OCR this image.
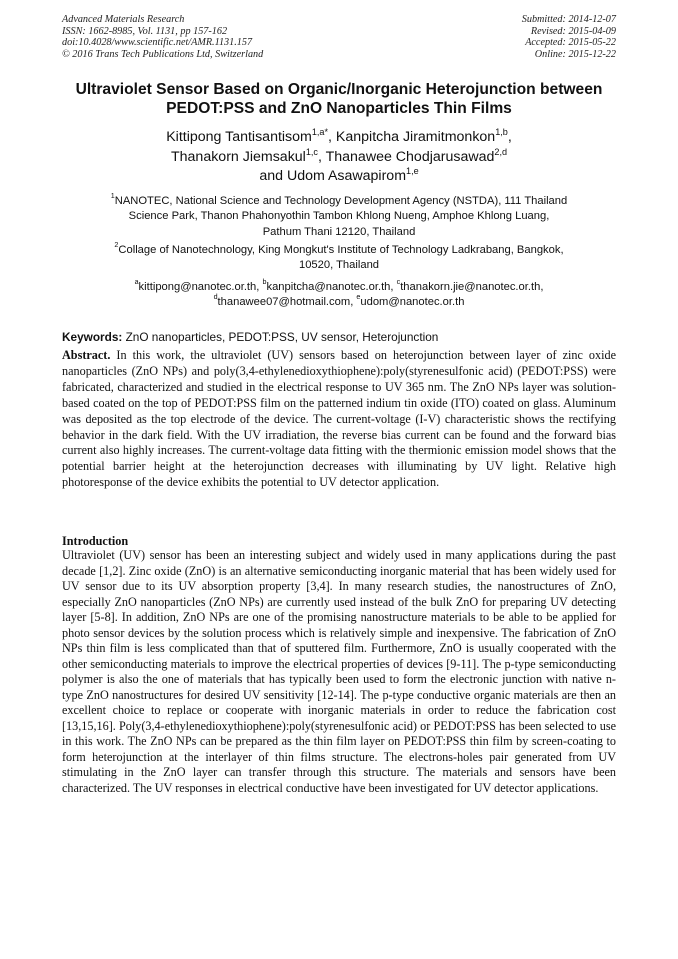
Advanced Materials Research
ISSN: 1662-8985, Vol. 1131, pp 157-162
doi:10.4028/www.scientific.net/AMR.1131.157
© 2016 Trans Tech Publications Ltd, Switzerland
Submitted: 2014-12-07
Revised: 2015-04-09
Accepted: 2015-05-22
Online: 2015-12-22
Ultraviolet Sensor Based on Organic/Inorganic Heterojunction between
PEDOT:PSS and ZnO Nanoparticles Thin Films
Kittipong Tantisantisom$^{1,a*}$, Kanpitcha Jiramitmonkon$^{1,b}$,
Thanakorn Jiemsakul$^{1,c}$, Thanawee Chodjarusawad$^{2,d}$
and Udom Asawapirom$^{1,e}$
$^1$NANOTEC, National Science and Technology Development Agency (NSTDA), 111 Thailand
Science Park, Thanon Phahonyothin Tambon Khlong Nueng, Amphoe Khlong Luang,
Pathum Thani 12120, Thailand
$^2$Collage of Nanotechnology, King Mongkut's Institute of Technology Ladkrabang, Bangkok,
10520, Thailand
$^a$kittipong@nanotec.or.th, $^b$kanpitcha@nanotec.or.th, $^c$thanakorn.jie@nanotec.or.th,
$^d$thanawee07@hotmail.com, $^e$udom@nanotec.or.th
Keywords: ZnO nanoparticles, PEDOT:PSS, UV sensor, Heterojunction
Abstract. In this work, the ultraviolet (UV) sensors based on heterojunction between layer of zinc oxide nanoparticles (ZnO NPs) and poly(3,4-ethylenedioxythiophene):poly(styrenesulfonic acid) (PEDOT:PSS) were fabricated, characterized and studied in the electrical response to UV 365 nm. The ZnO NPs layer was solution-based coated on the top of PEDOT:PSS film on the patterned indium tin oxide (ITO) coated on glass. Aluminum was deposited as the top electrode of the device. The current-voltage (I-V) characteristic shows the rectifying behavior in the dark field. With the UV irradiation, the reverse bias current can be found and the forward bias current also highly increases. The current-voltage data fitting with the thermionic emission model shows that the potential barrier height at the heterojunction decreases with illuminating by UV light. Relative high photoresponse of the device exhibits the potential to UV detector application.
Introduction
Ultraviolet (UV) sensor has been an interesting subject and widely used in many applications during the past decade [1,2]. Zinc oxide (ZnO) is an alternative semiconducting inorganic material that has been widely used for UV sensor due to its UV absorption property [3,4]. In many research studies, the nanostructures of ZnO, especially ZnO nanoparticles (ZnO NPs) are currently used instead of the bulk ZnO for preparing UV detecting layer [5-8]. In addition, ZnO NPs are one of the promising nanostructure materials to be able to be applied for photo sensor devices by the solution process which is relatively simple and inexpensive. The fabrication of ZnO NPs thin film is less complicated than that of sputtered film. Furthermore, ZnO is usually cooperated with the other semiconducting materials to improve the electrical properties of devices [9-11]. The p-type semiconducting polymer is also the one of materials that has typically been used to form the electronic junction with native n-type ZnO nanostructures for desired UV sensitivity [12-14]. The p-type conductive organic materials are then an excellent choice to replace or cooperate with inorganic materials in order to reduce the fabrication cost [13,15,16]. Poly(3,4-ethylenedioxythiophene):poly(styrenesulfonic acid) or PEDOT:PSS has been selected to use in this work. The ZnO NPs can be prepared as the thin film layer on PEDOT:PSS thin film by screen-coating to form heterojunction at the interlayer of thin films structure. The electrons-holes pair generated from UV stimulating in the ZnO layer can transfer through this structure. The materials and sensors have been characterized. The UV responses in electrical conductive have been investigated for UV detector applications.
